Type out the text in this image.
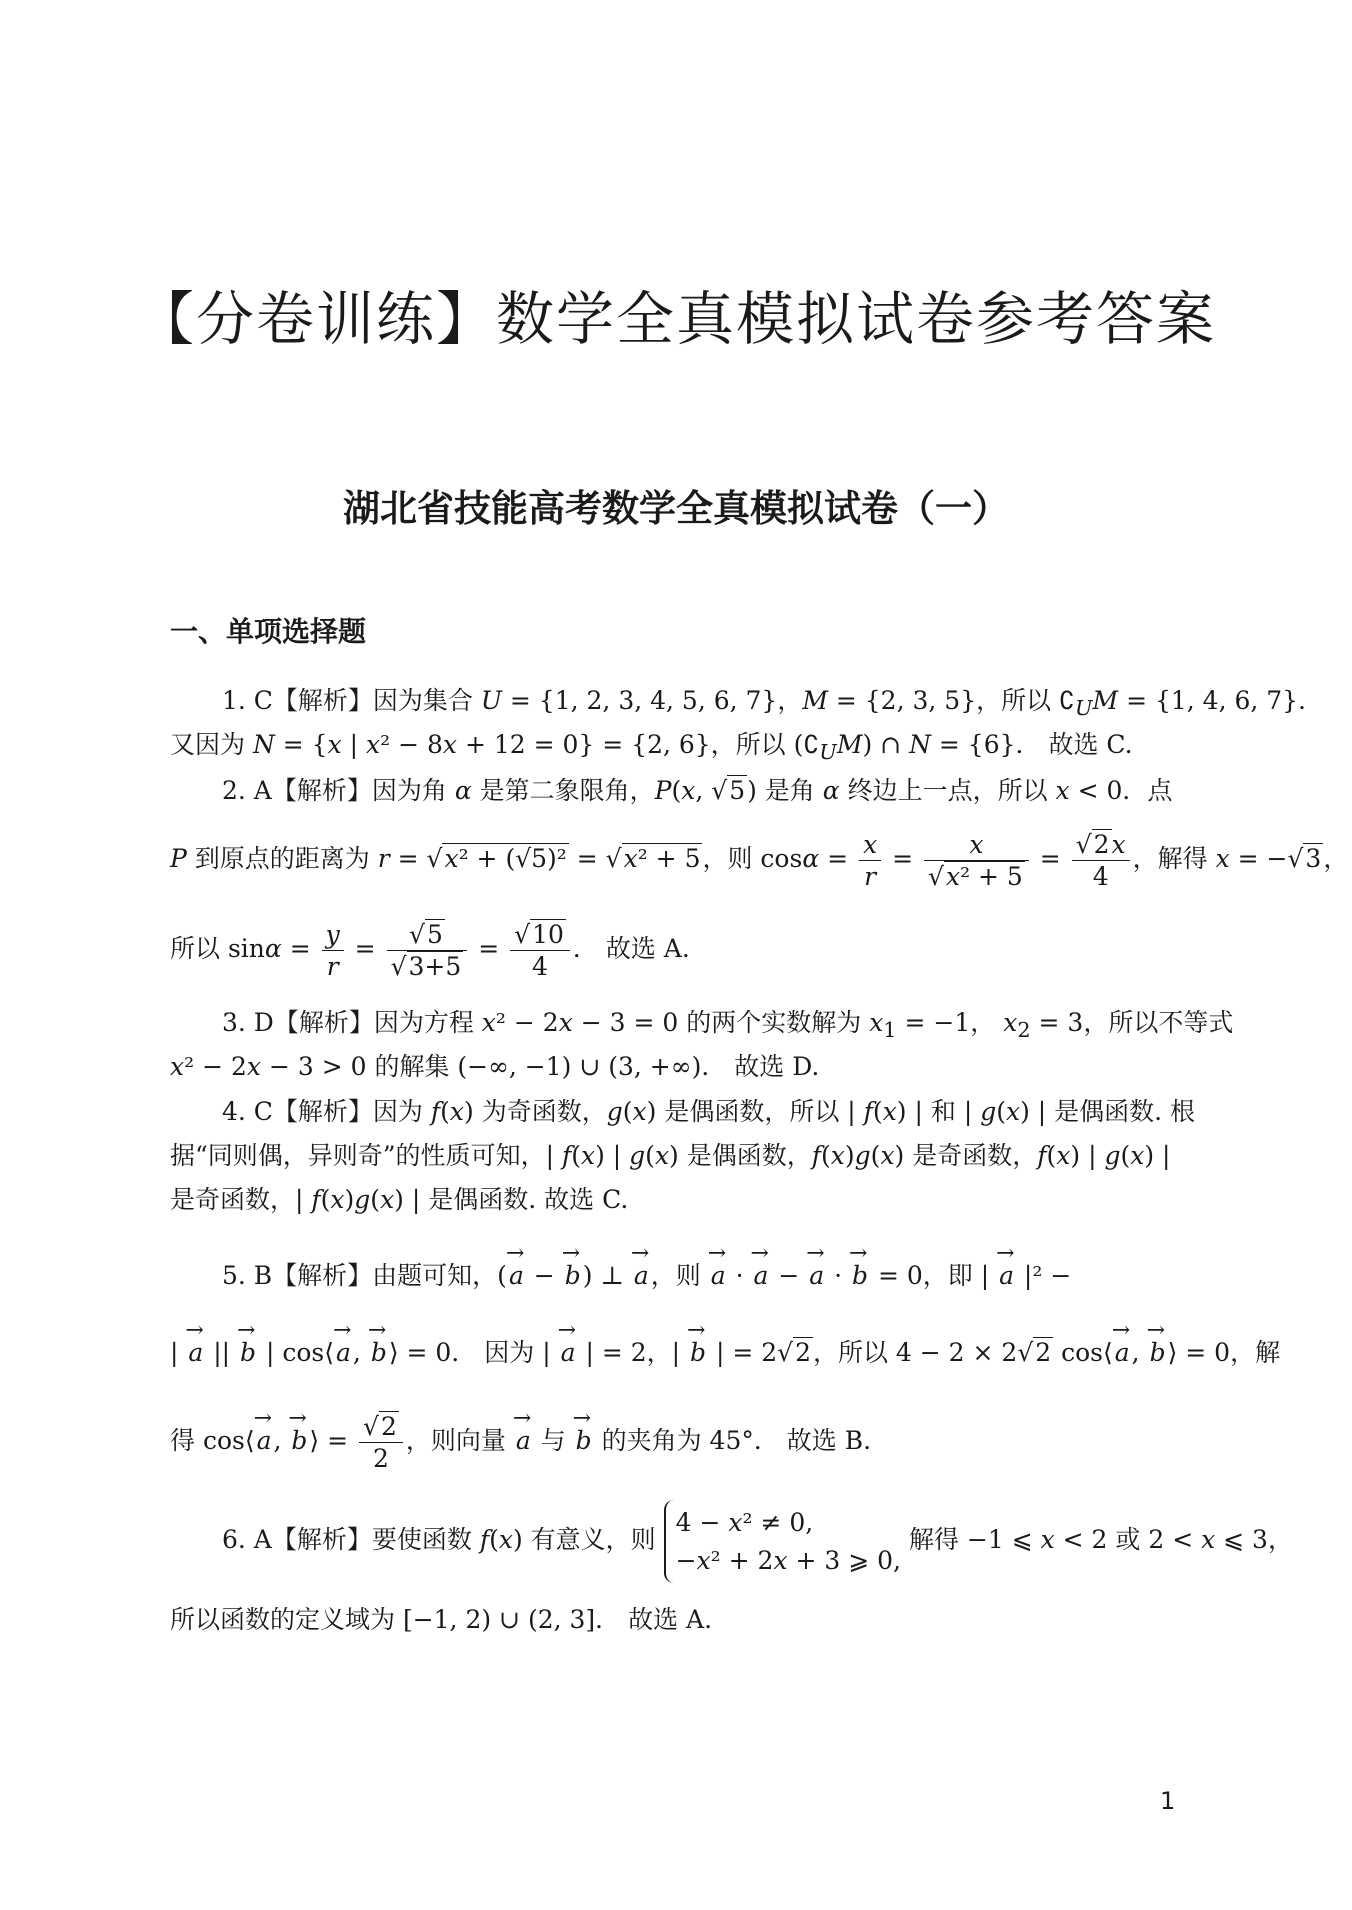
【分卷训练】数学全真模拟试卷参考答案
湖北省技能高考数学全真模拟试卷（一）
一、单项选择题
1. C【解析】因为集合 U = {1, 2, 3, 4, 5, 6, 7}，M = {2, 3, 5}，所以 $∁_UM = \{1$, 4, 6, 7}．
又因为 N = {x | x² − 8x + 12 = 0} = {2, 6}，所以 $(∁_UM)$ ∩ N = {6}． 故选 C.
2. A【解析】因为角 α 是第二象限角，P(x, √5) 是角 α 终边上一点，所以 x < 0．点
P 到原点的距离为 r = √x² + (√5)² = √x² + 5，则 $\cos\alpha = \frac{x}{r} = \frac{x}{\text{√x² + 5}} = \frac{√2x}{4}$ ，解得 x = −√3，
所以 $\sin\alpha = \frac{y}{r} = \frac{√5}{√3+5} = \frac{√10}{4}$ ． 故选 A.
3. D【解析】因为方程 x² − 2x − 3 = 0 的两个实数解为 $x_1 = -1$， $x_2 = 3$，所以不等式
x² − 2x − 3 > 0 的解集 (−∞, −1) ∪ (3, +∞)． 故选 D.
4. C【解析】因为 f(x) 为奇函数，g(x) 是偶函数，所以 | f(x) | 和 | g(x) | 是偶函数. 根
据“同则偶，异则奇”的性质可知，| f(x) | g(x) 是偶函数，f(x)g(x) 是奇函数，f(x) | g(x) |
是奇函数，| f(x)g(x) | 是偶函数. 故选 C.
5. B【解析】由题可知，(→ a − → b) ⊥ → a，则 → a · → a − → a · → b = 0，即 | → a |² −
| → a || → b | cos⟨→ a, → b⟩ = 0． 因为 | → a | = 2，| → b | = 2√2，所以 4 − 2 × 2√2 cos⟨→ a, → b⟩ = 0，解
得 cos⟨→ a, → b⟩ = $\frac{√2}{2}$ ，则向量 → a 与 → b 的夹角为 45°． 故选 B.
6. A【解析】要使函数 f(x) 有意义，则
4 − x² ≠ 0,
−x² + 2x + 3 ⩾ 0,
解得 −1 ⩽ x < 2 或 2 < x ⩽ 3，
所以函数的定义域为 [−1, 2) ∪ (2, 3]． 故选 A.
1
